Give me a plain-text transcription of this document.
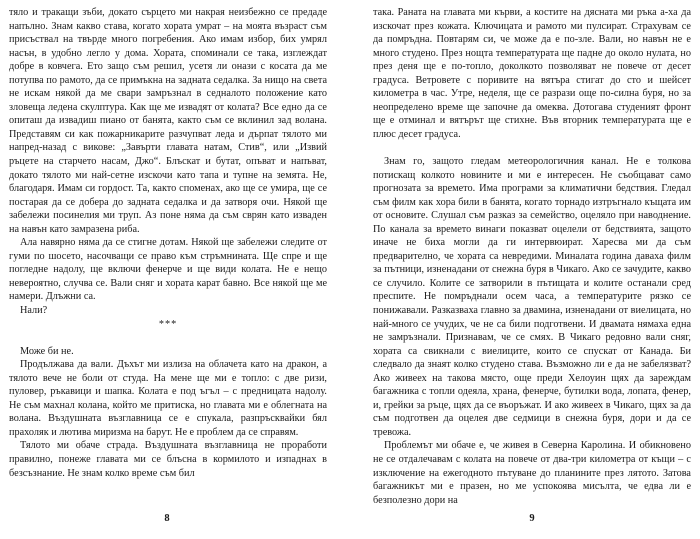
тяло и тракащи зъби, докато сърцето ми накрая неизбежно се предаде напълно. Знам какво става, когато хората умрат – на моята възраст съм присъствал на твърде много погребения. Ако имам избор, бих умрял насън, в удобно легло у дома. Хората, споминали се така, изглеждат добре в ковчега. Ето защо съм решил, усетя ли онази с косата да ме потупва по рамото, да се примъкна на задната седалка. За нищо на света не искам някой да ме свари замръзнал в седналото положение като зловеща ледена скулптура. Как ще ме извадят от колата? Все едно да се опиташ да извадиш пиано от банята, както съм се вклинил зад волана. Представям си как пожарникарите разчупват леда и дърпат тялото ми напред-назад с викове: „Завърти главата натам, Стив“, или „Извий ръцете на старчето насам, Джо“. Блъскат и бутат, опъват и напъват, докато тялото ми най-сетне изскочи като тапа и тупне на земята. Не, благодаря. Имам си гордост. Та, както споменах, ако ще се умира, ще се постарая да се добера до задната седалка и да затворя очи. Някой ще забележи посинелия ми труп. Аз поне няма да съм сврян като изваден на навън като замразена риба.

Ала навярно няма да се стигне дотам. Някой ще забележи следите от гуми по шосето, насочващи се право към стръмнината. Ще спре и ще погледне надолу, ще включи фенерче и ще види колата. Не е нещо невероятно, случва се. Вали сняг и хората карат бавно. Все някой ще ме намери. Длъжни са.

Нали?

***

Може би не.

Продължава да вали. Дъхът ми излиза на облачета като на дракон, а тялото вече не боли от студа. На мене ще ми е топло: с две ризи, пуловер, ръкавици и шапка. Колата е под ъгъл – с предницата надолу. Не съм махнал колана, който ме притиска, но главата ми е облегната на волана. Въздушната възглавница се е спукала, разпръсквайки бял прахоляк и лютива миризма на барут. Не е проблем да се справям.

Тялото ми обаче страда. Въздушната възглавница не проработи правилно, понеже главата ми се блъсна в кормилото и изпаднах в безсъзнание. Не знам колко време съм бил

така. Раната на главата ми кърви, а костите на дясната ми ръка а-ха да изскочат през кожата. Ключицата и рамото ми пулсират. Страхувам се да помръдна. Повтарям си, че може да е по-зле. Вали, но навън не е много студено. През нощта температурата ще падне до около нулата, но през деня ще е по-топло, доколкото позволяват не повече от десет градуса. Ветровете с поривите на вятъра стигат до сто и шейсет километра в час. Утре, неделя, ще се разрази още по-силна буря, но за неопределено време ще започне да омеква. Дотогава студеният фронт ще е отминал и вятърът ще стихне. Във вторник температурата ще е плюс десет градуса.

Знам го, защото гледам метеорологичния канал. Не е толкова потискащ колкото новините и ми е интересен. Не съобщават само прогнозата за времето. Има програми за климатични бедствия. Гледал съм филм как хора били в банята, когато торнадо изтръгнало къщата им от основите. Слушал съм разказ за семейство, оцеляло при наводнение. По канала за времето винаги показват оцелели от бедствията, защото иначе не биха могли да ги интервюират. Харесва ми да съм предварително, че хората са невредими. Миналата година даваха филм за пътници, изненадани от снежна буря в Чикаго. Ако се зачудите, какво се случило. Колите се затворили в пътищата и колите останали сред преспите. Не помръднали осем часа, а температурите рязко се понижавали. Разказваха главно за двамина, изненадани от виелицата, но най-много се учудих, че не са били подготвени. И двамата нямаха една не замръзнали. Признавам, че се смях. В Чикаго редовно вали сняг, хората са свикнали с виелиците, които се спускат от Канада. Би следвало да знаят колко студено става. Възможно ли е да не забелязват? Ако живеех на такова място, още преди Хелоуин щях да зареждам багажника с топли одеяла, храна, фенерче, бутилки вода, лопата, фенер, и, грейки за ръце, щях да се въоръжат. И ако живеех в Чикаго, щях за да съм подготвен да оцелея две седмици в снежна буря, дори и да се тревожа.

Проблемът ми обаче е, че живея в Северна Каролина. И обикновено не се отдалечавам с колата на повече от два-три километра от къщи – с изключение на ежегодното пътуване до планините през лятото. Затова багажникът ми е празен, но ме успокоява мисълта, че едва ли е безполезно дори на

8	9
